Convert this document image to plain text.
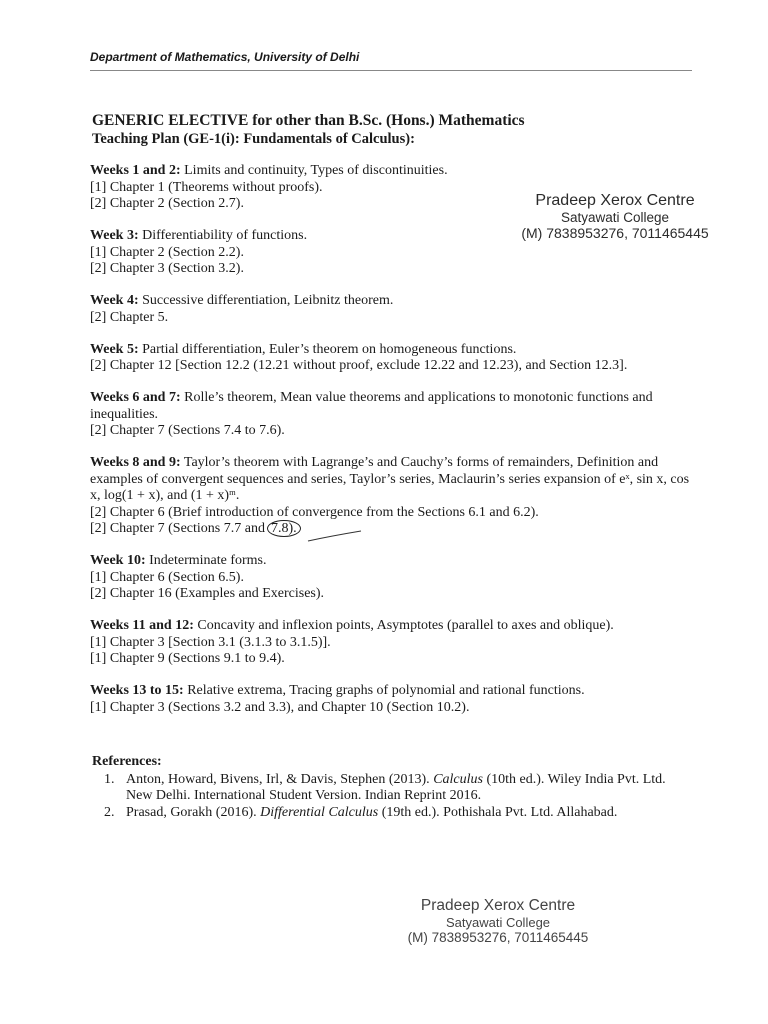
Department of Mathematics, University of Delhi
GENERIC ELECTIVE for other than B.Sc. (Hons.) Mathematics
Teaching Plan (GE-1(i): Fundamentals of Calculus):
Weeks 1 and 2: Limits and continuity, Types of discontinuities.
[1] Chapter 1 (Theorems without proofs).
[2] Chapter 2 (Section 2.7).
Week 3: Differentiability of functions.
[1] Chapter 2 (Section 2.2).
[2] Chapter 3 (Section 3.2).
Week 4: Successive differentiation, Leibnitz theorem.
[2] Chapter 5.
Week 5: Partial differentiation, Euler’s theorem on homogeneous functions.
[2] Chapter 12 [Section 12.2 (12.21 without proof, exclude 12.22 and 12.23), and Section 12.3].
Weeks 6 and 7: Rolle’s theorem, Mean value theorems and applications to monotonic functions and inequalities.
[2] Chapter 7 (Sections 7.4 to 7.6).
Weeks 8 and 9: Taylor’s theorem with Lagrange’s and Cauchy’s forms of remainders, Definition and examples of convergent sequences and series, Taylor’s series, Maclaurin’s series expansion of eˣ, sin x, cos x, log(1 + x), and (1 + x)ᵐ.
[2] Chapter 6 (Brief introduction of convergence from the Sections 6.1 and 6.2).
[2] Chapter 7 (Sections 7.7 and 7.8).
Week 10: Indeterminate forms.
[1] Chapter 6 (Section 6.5).
[2] Chapter 16 (Examples and Exercises).
Weeks 11 and 12: Concavity and inflexion points, Asymptotes (parallel to axes and oblique).
[1] Chapter 3 [Section 3.1 (3.1.3 to 3.1.5)].
[1] Chapter 9 (Sections 9.1 to 9.4).
Weeks 13 to 15: Relative extrema, Tracing graphs of polynomial and rational functions.
[1] Chapter 3 (Sections 3.2 and 3.3), and Chapter 10 (Section 10.2).
References:
1. Anton, Howard, Bivens, Irl, & Davis, Stephen (2013). Calculus (10th ed.). Wiley India Pvt. Ltd. New Delhi. International Student Version. Indian Reprint 2016.
2. Prasad, Gorakh (2016). Differential Calculus (19th ed.). Pothishala Pvt. Ltd. Allahabad.
Pradeep Xerox Centre
Satyawati College
(M) 7838953276, 7011465445
Pradeep Xerox Centre
Satyawati College
(M) 7838953276, 7011465445
